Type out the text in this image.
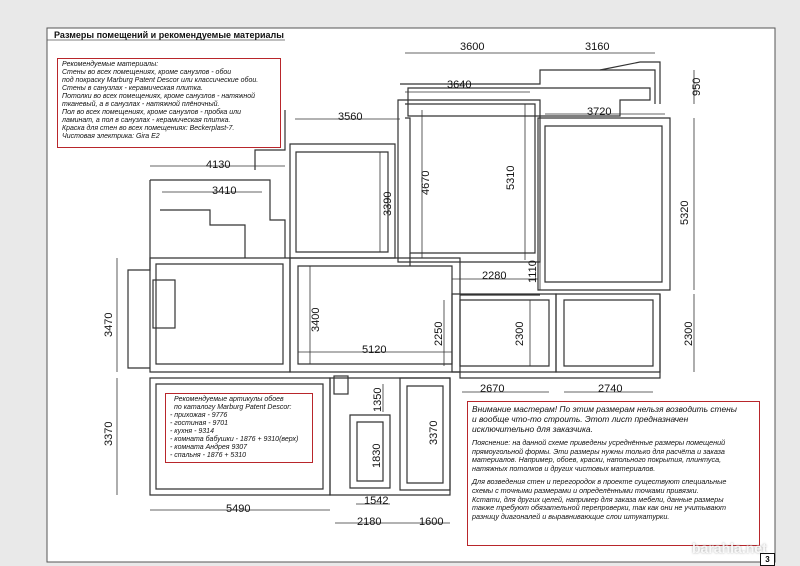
Размеры помещений и рекомендуемые материалы
Рекомендуемые материалы:
Стены во всех помещениях, кроме санузлов - обои
под покраску Marburg Patent Descor или классические обои.
Стены в санузлах - керамическая плитка.
Потолки во всех помещениях, кроме санузлов - натяжной
тканевый, а в санузлах - натяжной плёночный.
Пол во всех помещениях, кроме санузлов - пробка или
ламинат, а пол в санузлах - керамическая плитка.
Краска для стен во всех помещениях: Beckerplast-7.
Чистовая электрика: Gira E2
Рекомендуемые артикулы обоев
по каталогу Marburg Patent Descor:
- прихожая - 9776
- гостиная - 9701
- кухня - 9314
- комната бабушки - 1876 + 9310(верх)
- комната Андрея 9307
- спальня - 1876 + 5310
Внимание мастерам! По этим размерам нельзя возводить стены
и вообще что-то строить. Этот лист предназначен
исключительно для заказчика.
Пояснение: на данной схеме приведены усреднённые размеры помещений
прямоугольной формы. Эти размеры нужны только для расчёта и заказа
материалов. Например, обоев, краски, напольного покрытия, плинтуса,
натяжных потолков и других чистовых материалов.
Для возведения стен и перегородок в проекте существуют специальные
схемы с точными размерами и определёнными точками привязки.
Кстати, для других целей, например для заказа мебели, данные размеры
также требуют обязательной перепроверки, так как они не учитывают
разницу диагоналей и выравнивающие слои штукатурки.
3600	3160
3640
3560	3720
4130
3410
2280
5120
2670	2740
1542
5490
2180	1600
950
3390
4670	5310
5320
1110
3470	3400
2250	2300	2300
3370
1350
3370
1830
3
barahla.net
